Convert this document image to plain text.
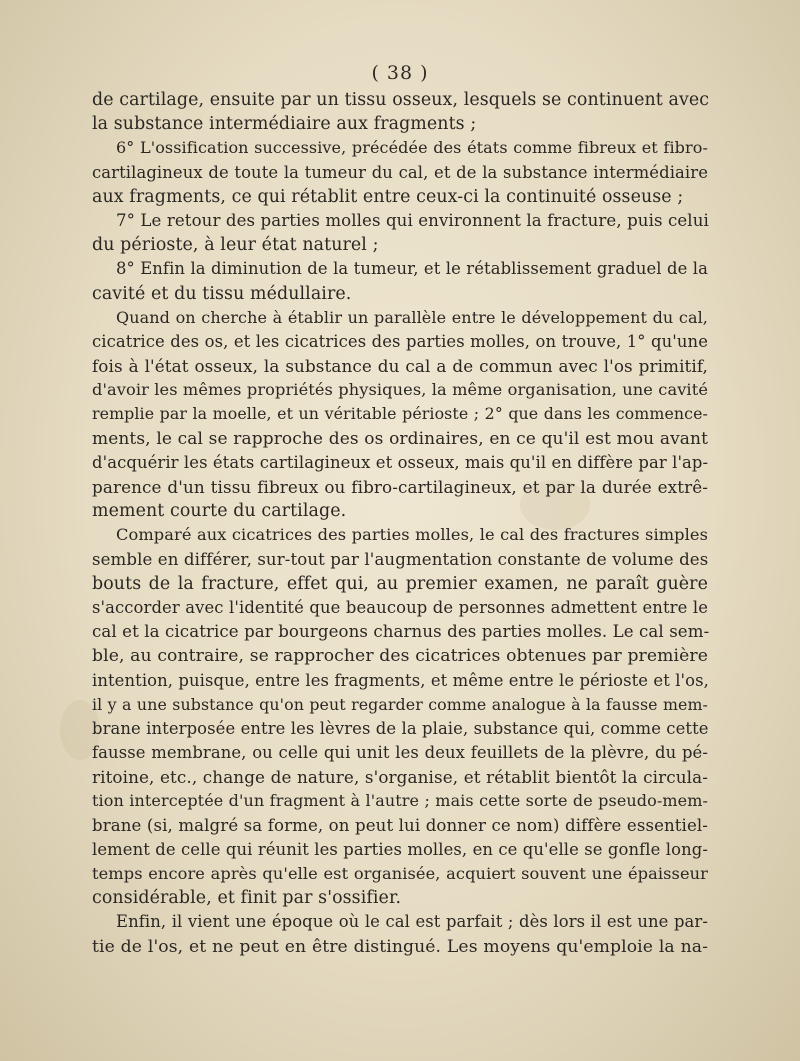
( 38 )
de cartilage, ensuite par un tissu osseux, lesquels se continuent avec
la substance intermédiaire aux fragments ;
6° L'ossification successive, précédée des états comme fibreux et fibro-
cartilagineux de toute la tumeur du cal, et de la substance intermédiaire
aux fragments, ce qui rétablit entre ceux-ci la continuité osseuse ;
7° Le retour des parties molles qui environnent la fracture, puis celui
du périoste, à leur état naturel ;
8° Enfin la diminution de la tumeur, et le rétablissement graduel de la
cavité et du tissu médullaire.
Quand on cherche à établir un parallèle entre le développement du cal,
cicatrice des os, et les cicatrices des parties molles, on trouve, 1° qu'une
fois à l'état osseux, la substance du cal a de commun avec l'os primitif,
d'avoir les mêmes propriétés physiques, la même organisation, une cavité
remplie par la moelle, et un véritable périoste ; 2° que dans les commence-
ments, le cal se rapproche des os ordinaires, en ce qu'il est mou avant
d'acquérir les états cartilagineux et osseux, mais qu'il en diffère par l'ap-
parence d'un tissu fibreux ou fibro-cartilagineux, et par la durée extrê-
mement courte du cartilage.
Comparé aux cicatrices des parties molles, le cal des fractures simples
semble en différer, sur-tout par l'augmentation constante de volume des
bouts de la fracture, effet qui, au premier examen, ne paraît guère
s'accorder avec l'identité que beaucoup de personnes admettent entre le
cal et la cicatrice par bourgeons charnus des parties molles. Le cal sem-
ble, au contraire, se rapprocher des cicatrices obtenues par première
intention, puisque, entre les fragments, et même entre le périoste et l'os,
il y a une substance qu'on peut regarder comme analogue à la fausse mem-
brane interposée entre les lèvres de la plaie, substance qui, comme cette
fausse membrane, ou celle qui unit les deux feuillets de la plèvre, du pé-
ritoine, etc., change de nature, s'organise, et rétablit bientôt la circula-
tion interceptée d'un fragment à l'autre ; mais cette sorte de pseudo-mem-
brane (si, malgré sa forme, on peut lui donner ce nom) diffère essentiel-
lement de celle qui réunit les parties molles, en ce qu'elle se gonfle long-
temps encore après qu'elle est organisée, acquiert souvent une épaisseur
considérable, et finit par s'ossifier.
Enfin, il vient une époque où le cal est parfait ; dès lors il est une par-
tie de l'os, et ne peut en être distingué. Les moyens qu'emploie la na-
